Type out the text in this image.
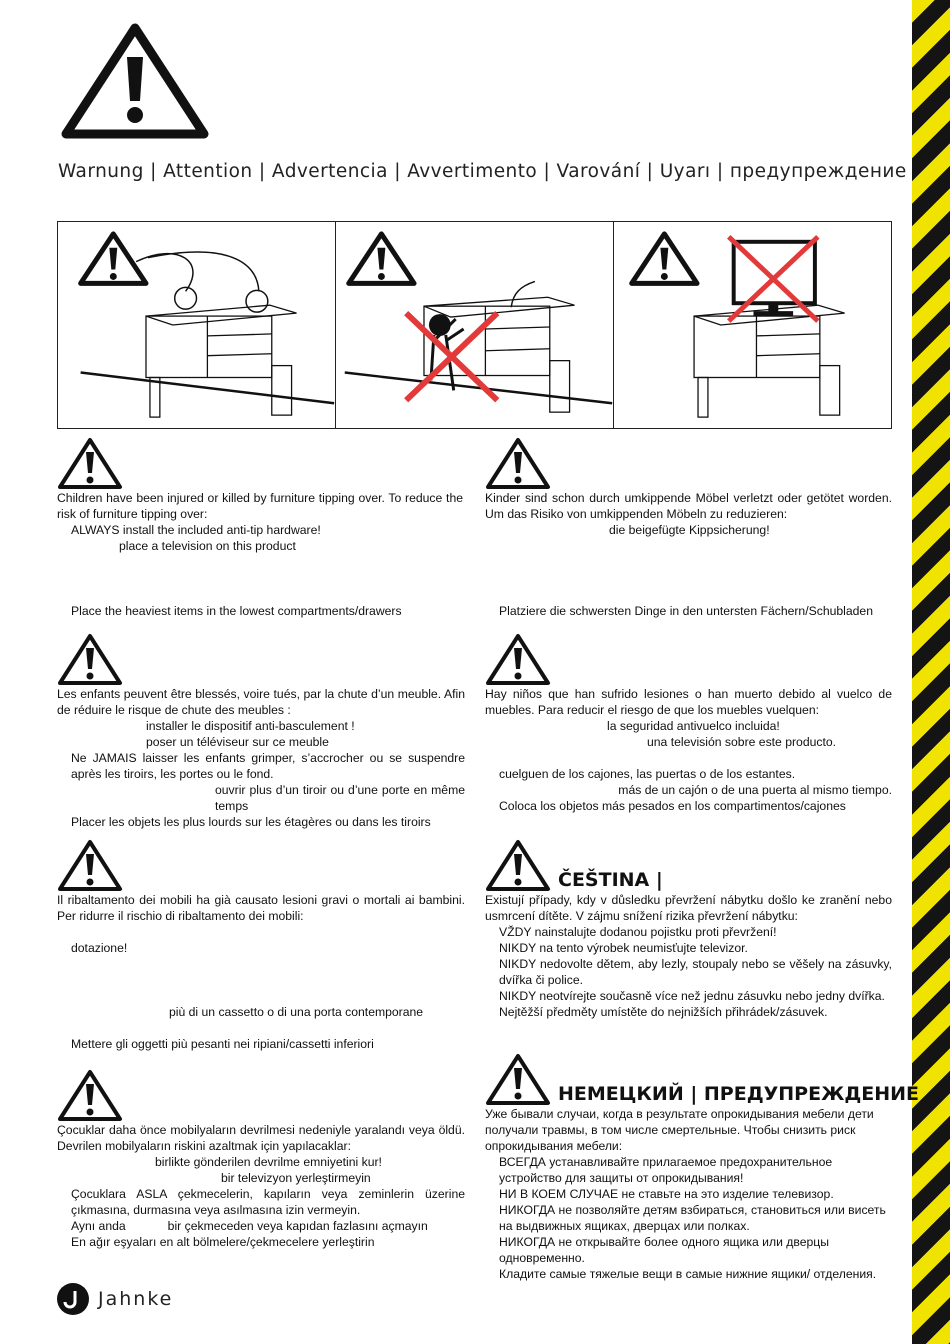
Warnung | Attention | Advertencia | Avvertimento | Varování | Uyarı | предупреждение

Children have been injured or killed by furniture tipping over. To reduce the risk of furniture tipping over:

ALWAYS install the included anti-tip hardware!

place a television on this product

Place the heaviest items in the lowest compartments/drawers

Kinder sind schon durch umkippende Möbel verletzt oder getötet worden. Um das Risiko von umkippenden Möbeln zu reduzieren:

die beigefügte Kippsicherung!

Platziere die schwersten Dinge in den untersten Fächern/Schubladen

Les enfants peuvent être blessés, voire tués, par la chute d’un meuble. Afin de réduire le risque de chute des meubles :

installer le dispositif anti-basculement !

poser un téléviseur sur ce meuble

Ne JAMAIS laisser les enfants grimper, s’accrocher ou se suspendre après les tiroirs, les portes ou le fond.

ouvrir plus d’un tiroir ou d’une porte en même temps

Placer les objets les plus lourds sur les étagères ou dans les tiroirs

Hay niños que han sufrido lesiones o han muerto debido al vuelco de muebles. Para reducir el riesgo de que los muebles vuelquen:

la seguridad antivuelco incluida!

una televisión sobre este producto.

cuelguen de los cajones, las puertas o de los estantes.

más de un cajón o de una puerta al mismo tiempo.

Coloca los objetos más pesados en los compartimentos/cajones

Il ribaltamento dei mobili ha già causato lesioni gravi o mortali ai bambini. Per ridurre il rischio di ribaltamento dei mobili:

dotazione!

più di un cassetto o di una porta contemporane

Mettere gli oggetti più pesanti nei ripiani/cassetti inferiori

ČEŠTINA |

Existují případy, kdy v důsledku převržení nábytku došlo ke zranění nebo usmrcení dítěte. V zájmu snížení rizika převržení nábytku:

VŽDY nainstalujte dodanou pojistku proti převržení!

NIKDY na tento výrobek neumisťujte televizor.

NIKDY nedovolte dětem, aby lezly, stoupaly nebo se věšely na zásuvky, dvířka či police.

NIKDY neotvírejte současně více než jednu zásuvku nebo jedny dvířka.

Nejtěžší předměty umístěte do nejnižších přihrádek/zásuvek.

Çocuklar daha önce mobilyaların devrilmesi nedeniyle yaralandı veya öldü. Devrilen mobilyaların riskini azaltmak için yapılacaklar:

birlikte gönderilen devrilme emniyetini kur!

bir televizyon yerleştirmeyin

Çocuklara ASLA çekmecelerin, kapıların veya zeminlerin üzerine çıkmasına, durmasına veya asılmasına izin vermeyin.

Aynı anda	bir çekmeceden veya kapıdan fazlasını açmayın

En ağır eşyaları en alt bölmelere/çekmecelere yerleştirin

НЕМЕЦКИЙ | ПРЕДУПРЕЖДЕНИЕ

Уже бывали случаи, когда в результате опрокидывания мебели дети получали травмы, в том числе смертельные. Чтобы снизить риск опрокидывания мебели:

ВСЕГДА устанавливайте прилагаемое предохранительное устройство для защиты от опрокидывания!

НИ В КОЕМ СЛУЧАЕ не ставьте на это изделие телевизор.

НИКОГДА не позволяйте детям взбираться, становиться или висеть на выдвижных ящиках, дверцах или полках.

НИКОГДА не открывайте более одного ящика или дверцы одновременно.

Кладите самые тяжелые вещи в самые нижние ящики/ отделения.

Jahnke
